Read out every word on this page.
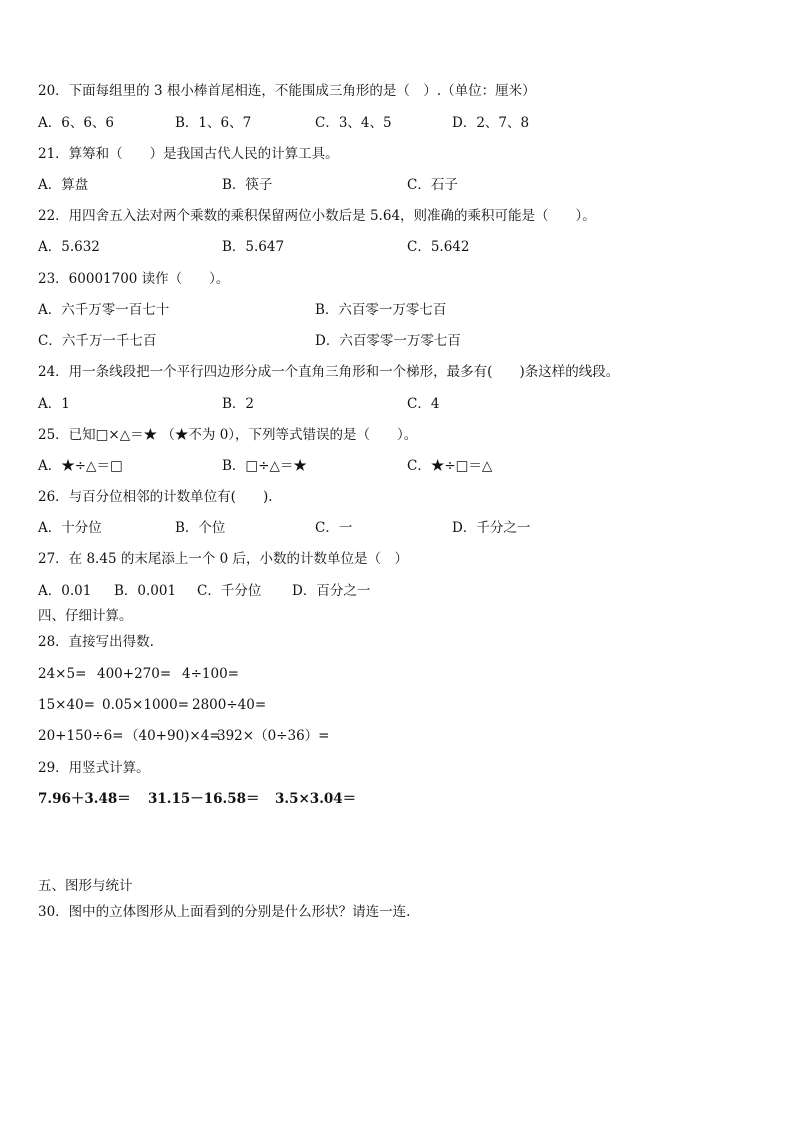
20．下面每组里的 3 根小棒首尾相连，不能围成三角形的是（　）.（单位：厘米）
A．6、6、6	B．1、6、7	C．3、4、5	D．2、7、8
21．算筹和（　　）是我国古代人民的计算工具。
A．算盘	B．筷子	C．石子
22．用四舍五入法对两个乘数的乘积保留两位小数后是 5.64，则准确的乘积可能是（　　）。
A．5.632	B．5.647	C．5.642
23．60001700 读作（　　）。
A．六千万零一百七十	B．六百零一万零七百
C．六千万一千七百	D．六百零零一万零七百
24．用一条线段把一个平行四边形分成一个直角三角形和一个梯形，最多有(　　)条这样的线段。
A．1	B．2	C．4
25．已知□×△＝★ （★不为 0），下列等式错误的是（　　）。
A．★÷△＝□	B．□÷△＝★	C．★÷□＝△
26．与百分位相邻的计数单位有(　　).
A．十分位	B．个位	C．一	D．千分之一
27．在 8.45 的末尾添上一个 0 后，小数的计数单位是（　）
A．0.01 B．0.001 C．千分位 D．百分之一
四、仔细计算。
28．直接写出得数.
24×5= 400+270= 4÷100=
15×40= 0.05×1000= 2800÷40=
20+150÷6= （40+90)×4=
392×（0÷36）=
29．用竖式计算。
7.96＋3.48＝ 31.15－16.58＝ 3.5×3.04＝
五、图形与统计
30．图中的立体图形从上面看到的分别是什么形状？请连一连.
